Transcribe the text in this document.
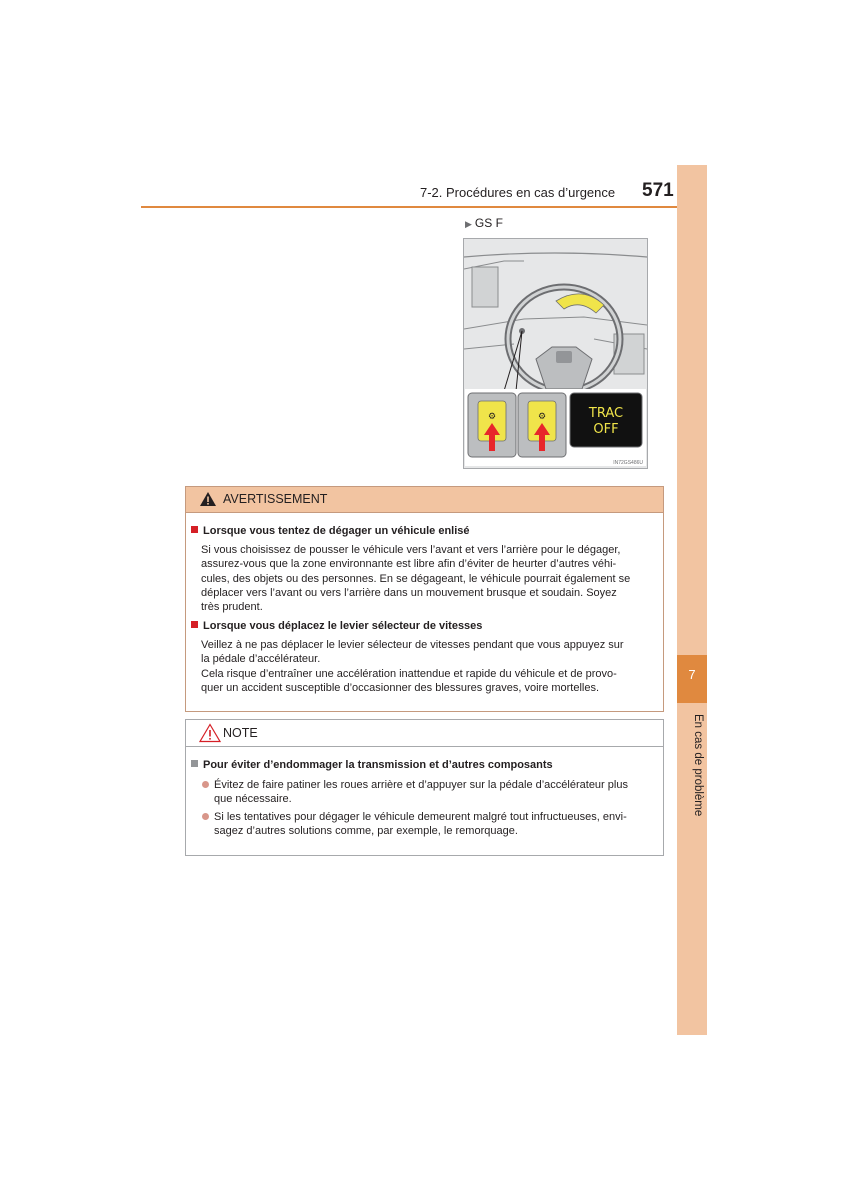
7-2. Procédures en cas d’urgence 571
7
En cas de problème
▶ GS F
⚙	⚙	TRAC
OFF
IN72GS486U
AVERTISSEMENT
Lorsque vous tentez de dégager un véhicule enlisé

Si vous choisissez de pousser le véhicule vers l’avant et vers l’arrière pour le dégager,

assurez-vous que la zone environnante est libre afin d’éviter de heurter d’autres véhi-

cules, des objets ou des personnes. En se dégageant, le véhicule pourrait également se

déplacer vers l’avant ou vers l’arrière dans un mouvement brusque et soudain. Soyez

très prudent.

Lorsque vous déplacez le levier sélecteur de vitesses

Veillez à ne pas déplacer le levier sélecteur de vitesses pendant que vous appuyez sur

la pédale d’accélérateur.

Cela risque d’entraîner une accélération inattendue et rapide du véhicule et de provo-

quer un accident susceptible d’occasionner des blessures graves, voire mortelles.

NOTE
Pour éviter d’endommager la transmission et d’autres composants
Évitez de faire patiner les roues arrière et d’appuyer sur la pédale d’accélérateur plus
que nécessaire.
Si les tentatives pour dégager le véhicule demeurent malgré tout infructueuses, envi-
sagez d’autres solutions comme, par exemple, le remorquage.
